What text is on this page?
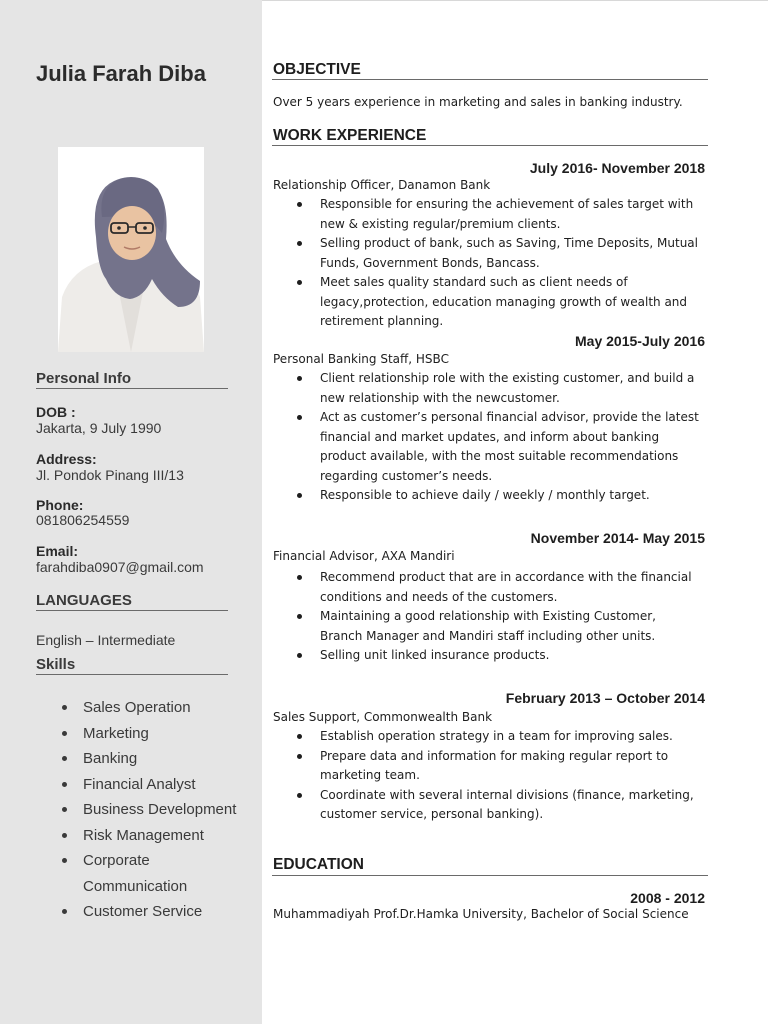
Julia Farah Diba
Personal Info
DOB :
Jakarta, 9 July 1990
Address:
Jl. Pondok Pinang III/13
Phone:
081806254559
Email:
farahdiba0907@gmail.com
LANGUAGES
English – Intermediate
Skills
Sales Operation
Marketing
Banking
Financial Analyst
Business Development
Risk Management
Corporate Communication
Customer Service
OBJECTIVE
Over 5 years experience in marketing and sales in banking industry.
WORK EXPERIENCE
July 2016- November 2018
Relationship Officer, Danamon Bank
Responsible for ensuring the achievement of sales target with new & existing regular/premium clients.
Selling product of bank, such as Saving, Time Deposits, Mutual Funds, Government Bonds, Bancass.
Meet sales quality standard such as client needs of legacy,protection, education managing growth of wealth and retirement planning.
May 2015-July 2016
Personal Banking Staff, HSBC
Client relationship role with the existing customer, and build a new relationship with the newcustomer.
Act as customer’s personal financial advisor, provide the latest financial and market updates, and inform about banking product available, with the most suitable recommendations regarding customer’s needs.
Responsible to achieve daily / weekly / monthly target.
November 2014- May 2015
Financial Advisor, AXA Mandiri
Recommend product that are in accordance with the financial conditions and needs of the customers.
Maintaining a good relationship with Existing Customer, Branch Manager and Mandiri staff including other units.
Selling unit linked insurance products.
February 2013 – October 2014
Sales Support, Commonwealth Bank
Establish operation strategy in a team for improving sales.
Prepare data and information for making regular report to marketing team.
Coordinate with several internal divisions (finance, marketing, customer service, personal banking).
EDUCATION
2008 - 2012
Muhammadiyah Prof.Dr.Hamka University, Bachelor of Social Science
